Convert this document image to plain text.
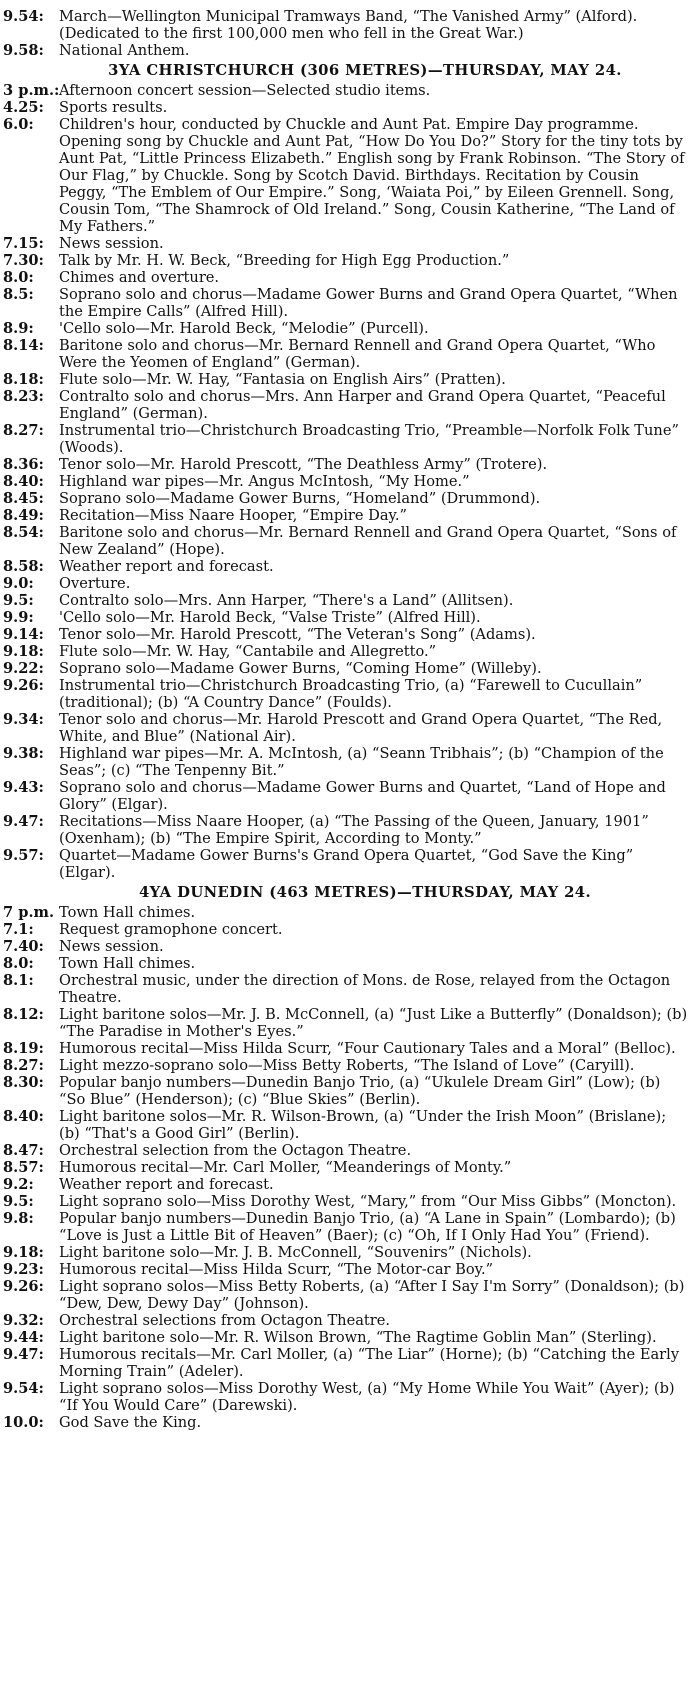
9.54:	March—Wellington Municipal Tramways Band, “The Vanished Army” (Alford). (Dedicated to the first 100,000 men who fell in the Great War.)
9.58:	National Anthem.
3YA CHRISTCHURCH (306 METRES)—THURSDAY, MAY 24.
3 p.m.: Afternoon concert session—Selected studio items.
4.25:	Sports results.
6.0:	Children's hour, conducted by Chuckle and Aunt Pat. Empire Day programme. Opening song by Chuckle and Aunt Pat, “How Do You Do?” Story for the tiny tots by Aunt Pat, “Little Princess Elizabeth.” English song by Frank Robinson. “The Story of Our Flag,” by Chuckle. Song by Scotch David. Birthdays. Recitation by Cousin Peggy, “The Emblem of Our Empire.” Song, ‘Waiata Poi,” by Eileen Grennell. Song, Cousin Tom, “The Shamrock of Old Ireland.” Song, Cousin Katherine, “The Land of My Fathers.”
7.15:	News session.
7.30:	Talk by Mr. H. W. Beck, “Breeding for High Egg Production.”
8.0:	Chimes and overture.
8.5:	Soprano solo and chorus—Madame Gower Burns and Grand Opera Quartet, “When the Empire Calls” (Alfred Hill).
8.9:	'Cello solo—Mr. Harold Beck, “Melodie” (Purcell).
8.14:	Baritone solo and chorus—Mr. Bernard Rennell and Grand Opera Quartet, “Who Were the Yeomen of England” (German).
8.18:	Flute solo—Mr. W. Hay, “Fantasia on English Airs” (Pratten).
8.23:	Contralto solo and chorus—Mrs. Ann Harper and Grand Opera Quartet, “Peaceful England” (German).
8.27:	Instrumental trio—Christchurch Broadcasting Trio, “Preamble—Norfolk Folk Tune” (Woods).
8.36:	Tenor solo—Mr. Harold Prescott, “The Deathless Army” (Trotere).
8.40:	Highland war pipes—Mr. Angus McIntosh, “My Home.”
8.45:	Soprano solo—Madame Gower Burns, “Homeland” (Drummond).
8.49:	Recitation—Miss Naare Hooper, “Empire Day.”
8.54:	Baritone solo and chorus—Mr. Bernard Rennell and Grand Opera Quartet, “Sons of New Zealand” (Hope).
8.58:	Weather report and forecast.
9.0:	Overture.
9.5:	Contralto solo—Mrs. Ann Harper, “There's a Land” (Allitsen).
9.9:	'Cello solo—Mr. Harold Beck, “Valse Triste” (Alfred Hill).
9.14:	Tenor solo—Mr. Harold Prescott, “The Veteran's Song” (Adams).
9.18:	Flute solo—Mr. W. Hay, “Cantabile and Allegretto.”
9.22:	Soprano solo—Madame Gower Burns, “Coming Home” (Willeby).
9.26:	Instrumental trio—Christchurch Broadcasting Trio, (a) “Farewell to Cucullain” (traditional); (b) “A Country Dance” (Foulds).
9.34:	Tenor solo and chorus—Mr. Harold Prescott and Grand Opera Quartet, “The Red, White, and Blue” (National Air).
9.38:	Highland war pipes—Mr. A. McIntosh, (a) “Seann Tribhais”; (b) “Champion of the Seas”; (c) “The Tenpenny Bit.”
9.43:	Soprano solo and chorus—Madame Gower Burns and Quartet, “Land of Hope and Glory” (Elgar).
9.47:	Recitations—Miss Naare Hooper, (a) “The Passing of the Queen, January, 1901” (Oxenham); (b) “The Empire Spirit, According to Monty.”
9.57:	Quartet—Madame Gower Burns's Grand Opera Quartet, “God Save the King” (Elgar).
4YA DUNEDIN (463 METRES)—THURSDAY, MAY 24.
7 p.m. Town Hall chimes.
7.1:	Request gramophone concert.
7.40:	News session.
8.0:	Town Hall chimes.
8.1:	Orchestral music, under the direction of Mons. de Rose, relayed from the Octagon Theatre.
8.12:	Light baritone solos—Mr. J. B. McConnell, (a) “Just Like a Butterfly” (Donaldson); (b) “The Paradise in Mother's Eyes.”
8.19:	Humorous recital—Miss Hilda Scurr, “Four Cautionary Tales and a Moral” (Belloc).
8.27:	Light mezzo-soprano solo—Miss Betty Roberts, “The Island of Love” (Caryill).
8.30:	Popular banjo numbers—Dunedin Banjo Trio, (a) “Ukulele Dream Girl” (Low); (b) “So Blue” (Henderson); (c) “Blue Skies” (Berlin).
8.40:	Light baritone solos—Mr. R. Wilson-Brown, (a) “Under the Irish Moon” (Brislane); (b) “That's a Good Girl” (Berlin).
8.47:	Orchestral selection from the Octagon Theatre.
8.57:	Humorous recital—Mr. Carl Moller, “Meanderings of Monty.”
9.2:	Weather report and forecast.
9.5:	Light soprano solo—Miss Dorothy West, “Mary,” from “Our Miss Gibbs” (Moncton).
9.8:	Popular banjo numbers—Dunedin Banjo Trio, (a) “A Lane in Spain” (Lombardo); (b) “Love is Just a Little Bit of Heaven” (Baer); (c) “Oh, If I Only Had You” (Friend).
9.18:	Light baritone solo—Mr. J. B. McConnell, “Souvenirs” (Nichols).
9.23:	Humorous recital—Miss Hilda Scurr, “The Motor-car Boy.”
9.26:	Light soprano solos—Miss Betty Roberts, (a) “After I Say I'm Sorry” (Donaldson); (b) “Dew, Dew, Dewy Day” (Johnson).
9.32:	Orchestral selections from Octagon Theatre.
9.44:	Light baritone solo—Mr. R. Wilson Brown, “The Ragtime Goblin Man” (Sterling).
9.47:	Humorous recitals—Mr. Carl Moller, (a) “The Liar” (Horne); (b) “Catching the Early Morning Train” (Adeler).
9.54:	Light soprano solos—Miss Dorothy West, (a) “My Home While You Wait” (Ayer); (b) “If You Would Care” (Darewski).
10.0:	God Save the King.
